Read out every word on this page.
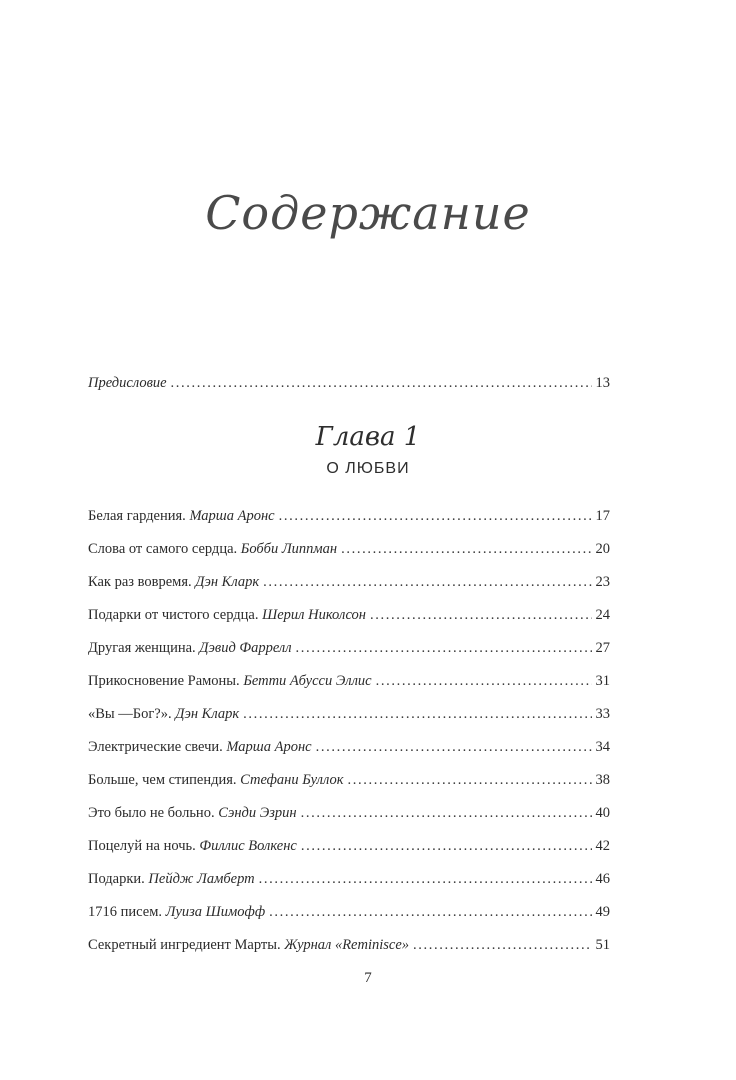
Содержание
Предисловие . . .	13
Глава 1
О ЛЮБВИ
Белая гардения. Марша Аронс . . .	17
Слова от самого сердца. Бобби Липпман . . .	20
Как раз вовремя. Дэн Кларк . . .	23
Подарки от чистого сердца. Шерил Николсон . . .	24
Другая женщина. Дэвид Фаррелл . . .	27
Прикосновение Рамоны. Бетти Абусси Эллис . . .	31
«Вы —Бог?». Дэн Кларк . . .	33
Электрические свечи. Марша Аронс . . .	34
Больше, чем стипендия. Стефани Буллок . . .	38
Это было не больно. Сэнди Эзрин . . .	40
Поцелуй на ночь. Филлис Волкенс . . .	42
Подарки. Пейдж Ламберт . . .	46
1716 писем. Луиза Шимофф . . .	49
Секретный ингредиент Марты. Журнал «Reminisce» . . .	51
7
